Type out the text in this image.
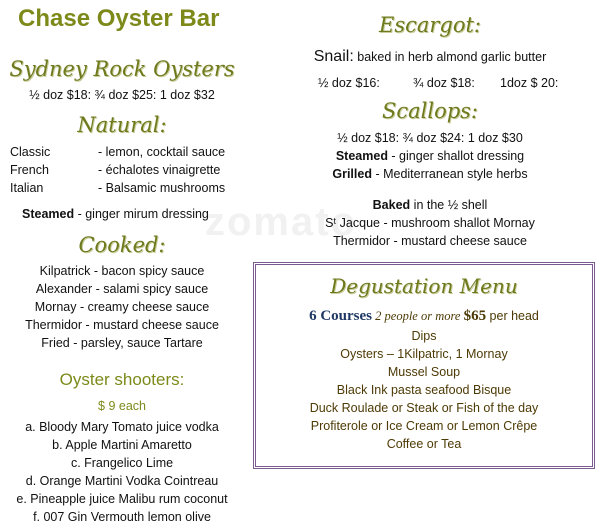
zomato
Chase Oyster Bar
Sydney Rock Oysters
½ doz $18: ¾ doz $25: 1 doz $32
Natural:
Classic	- lemon, cocktail sauce
French	- échalotes vinaigrette
Italian	- Balsamic mushrooms
Steamed - ginger mirum dressing
Cooked:
Kilpatrick - bacon spicy sauce
Alexander - salami spicy sauce
Mornay - creamy cheese sauce
Thermidor - mustard cheese sauce
Fried - parsley, sauce Tartare
Oyster shooters:
$ 9 each
a. Bloody Mary Tomato juice vodka
b. Apple Martini Amaretto
c. Frangelico Lime
d. Orange Martini Vodka Cointreau
e. Pineapple juice Malibu rum coconut
f. 007 Gin Vermouth lemon olive
Escargot:
Snail: baked in herb almond garlic butter
½ doz $16:	¾ doz $18: 1doz $ 20:
Scallops:
½ doz $18: ¾ doz $24: 1 doz $30
Steamed - ginger shallot dressing
Grilled - Mediterranean style herbs
Baked in the ½ shell
Sᵗ Jacque - mushroom shallot Mornay
Thermidor - mustard cheese sauce
Degustation Menu
6 Courses 2 people or more $65 per head
Dips
Oysters – 1Kilpatric, 1 Mornay
Mussel Soup
Black Ink pasta seafood Bisque
Duck Roulade or Steak or Fish of the day
Profiterole or Ice Cream or Lemon Crêpe
Coffee or Tea
